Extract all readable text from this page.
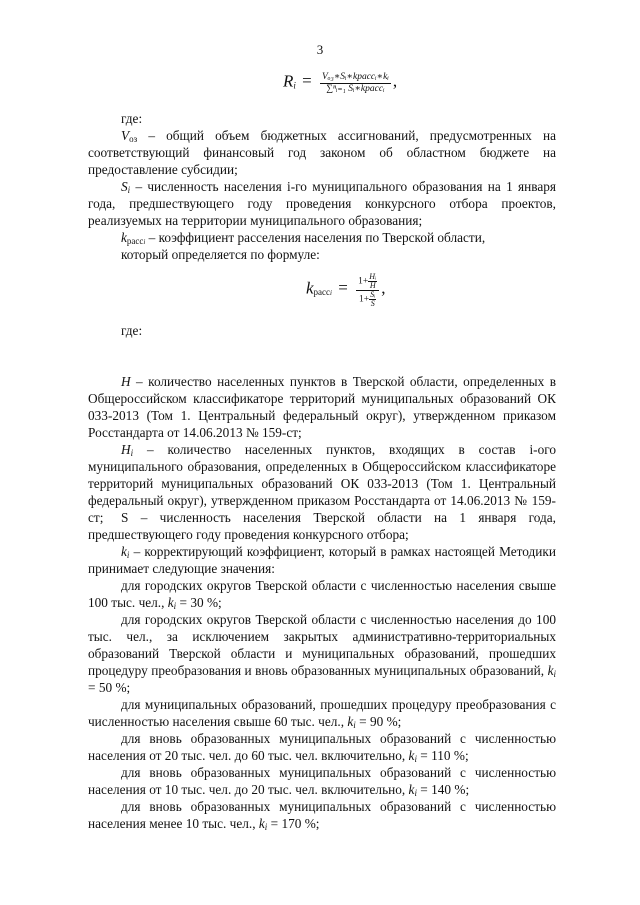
3
$R_i = \frac{\text{Vₒ₃∗Sᵢ∗kрассᵢ∗kᵢ}}{\text{∑ⁿᵢ₌₁ Sᵢ∗kрассᵢ}}$ ,
где:
$V_{оз}$ – общий объем бюджетных ассигнований, предусмотренных на соответствующий финансовый год законом об областном бюджете на предоставление субсидии;
$S_i$ – численность населения i-го муниципального образования на 1 января года, предшествующего году проведения конкурсного отбора проектов, реализуемых на территории муниципального образования;
$k_{рассi}$ – коэффициент расселения населения по Тверской области,
который определяется по формуле:
$k_{рассi} = \frac{1+ \frac{\text{Hᵢ}}{H}}{1+ \frac{\text{Sᵢ}}{S}}$ ,
где:
H – количество населенных пунктов в Тверской области, определенных в Общероссийском классификаторе территорий муниципальных образований ОК 033-2013 (Том 1. Центральный федеральный округ), утвержденном приказом Росстандарта от 14.06.2013 № 159-ст;
$H_i$ – количество населенных пунктов, входящих в состав i-ого муниципального образования, определенных в Общероссийском классификаторе территорий муниципальных образований ОК 033-2013 (Том 1. Центральный федеральный округ), утвержденном приказом Росстандарта от 14.06.2013 № 159-ст;	S – численность населения Тверской области на 1 января года, предшествующего году проведения конкурсного отбора;
$k_i$ – корректирующий коэффициент, который в рамках настоящей Методики принимает следующие значения:
для городских округов Тверской области с численностью населения свыше 100 тыс. чел., $k_i = 30$ %;
для городских округов Тверской области с численностью населения до 100 тыс. чел., за исключением закрытых административно-территориальных образований Тверской области и муниципальных образований, прошедших процедуру преобразования и вновь образованных муниципальных образований, $k_i = 50$ %;
для муниципальных образований, прошедших процедуру преобразования с численностью населения свыше 60 тыс. чел., $k_i = 90$ %;
для вновь образованных муниципальных образований с численностью населения от 20 тыс. чел. до 60 тыс. чел. включительно, $k_i = 110$ %;
для вновь образованных муниципальных образований с численностью населения от 10 тыс. чел. до 20 тыс. чел. включительно, $k_i = 140$ %;
для вновь образованных муниципальных образований с численностью населения менее 10 тыс. чел., $k_i = 170$ %;
